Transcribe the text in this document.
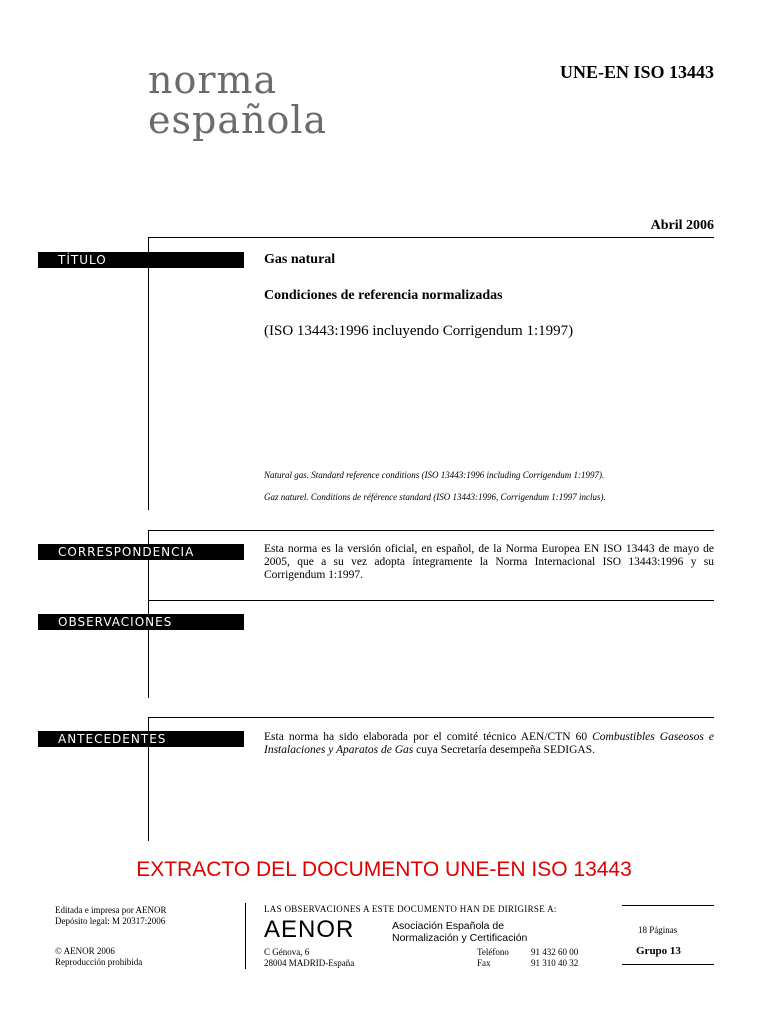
norma
española
UNE-EN ISO 13443
Abril 2006
TÍTULO
CORRESPONDENCIA
OBSERVACIONES
ANTECEDENTES
Gas natural
Condiciones de referencia normalizadas
(ISO 13443:1996 incluyendo Corrigendum 1:1997)
Natural gas. Standard reference conditions (ISO 13443:1996 including Corrigendum 1:1997).
Gaz naturel. Conditions de référence standard (ISO 13443:1996, Corrigendum 1:1997 inclus).
Esta norma es la versión oficial, en español, de la Norma Europea EN ISO 13443 de mayo de 2005, que a su vez adopta íntegramente la Norma Internacional ISO 13443:1996 y su Corrigendum 1:1997.
Esta norma ha sido elaborada por el comité técnico AEN/CTN 60 Combustibles Gaseosos e Instalaciones y Aparatos de Gas cuya Secretaría desempeña SEDIGAS.
EXTRACTO DEL DOCUMENTO UNE-EN ISO 13443
Editada e impresa por AENOR
Depósito legal: M 20317:2006
© AENOR 2006
Reproducción prohibida
LAS OBSERVACIONES A ESTE DOCUMENTO HAN DE DIRIGIRSE A:
AENOR	Asociación Española de
Normalización y Certificación
C Génova, 6
28004 MADRID-España
Teléfono
Fax
91 432 60 00
91 310 40 32
18 Páginas
Grupo 13
